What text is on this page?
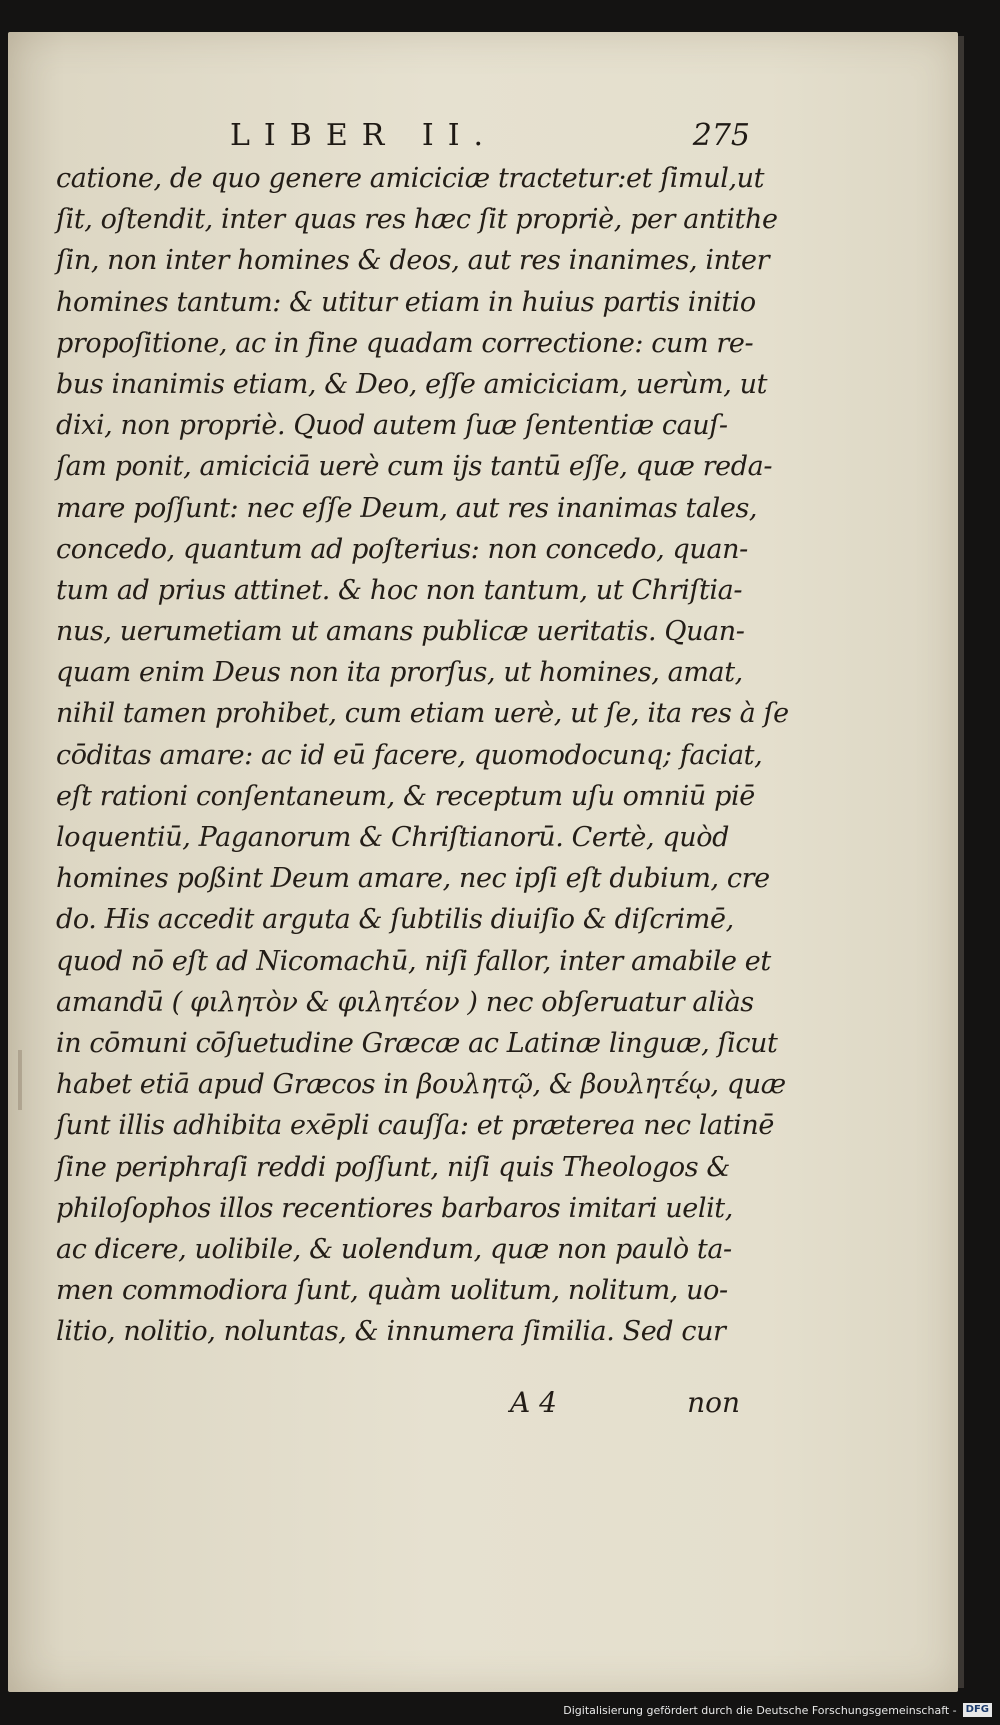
LIBER II.	275
catione, de quo genere amiciciæ tractetur:et ſimul,ut
ſit, oſtendit, inter quas res hæc ſit propriè, per antithe
ſin, non inter homines & deos, aut res inanimes, inter
homines tantum: & utitur etiam in huius partis initio
propoſitione, ac in fine quadam correctione: cum re-
bus inanimis etiam, & Deo, eſſe amiciciam, uerùm, ut
dixi, non propriè. Quod autem ſuæ ſententiæ cauſ-
ſam ponit, amiciciā uerè cum ijs tantū eſſe, quæ reda-
mare poſſunt: nec eſſe Deum, aut res inanimas tales,
concedo, quantum ad poſterius: non concedo, quan-
tum ad prius attinet. & hoc non tantum, ut Chriſtia-
nus, uerumetiam ut amans publicæ ueritatis. Quan-
quam enim Deus non ita prorſus, ut homines, amat,
nihil tamen prohibet, cum etiam uerè, ut ſe, ita res à ſe
cōditas amare: ac id eū facere, quomodocunq; faciat,
eſt rationi conſentaneum, & receptum uſu omniū piē
loquentiū, Paganorum & Chriſtianorū. Certè, quòd
homines poßint Deum amare, nec ipſi eſt dubium, cre
do. His accedit arguta & ſubtilis diuiſio & diſcrimē,
quod nō eſt ad Nicomachū, niſi fallor, inter amabile et
amandū ( φιλητὸν & φιλητέον ) nec obſeruatur aliàs
in cōmuni cōſuetudine Græcæ ac Latinæ linguæ, ſicut
habet etiā apud Græcos in βουλητῷ, & βουλητέῳ, quæ
ſunt illis adhibita exēpli cauſſa: et præterea nec latinē
ſine periphraſi reddi poſſunt, niſi quis Theologos &
philoſophos illos recentiores barbaros imitari uelit,
ac dicere, uolibile, & uolendum, quæ non paulò ta-
men commodiora ſunt, quàm uolitum, nolitum, uo-
litio, nolitio, noluntas, & innumera ſimilia. Sed cur
A 4	non
Digitalisierung gefördert durch die Deutsche Forschungsgemeinschaft - DFG
